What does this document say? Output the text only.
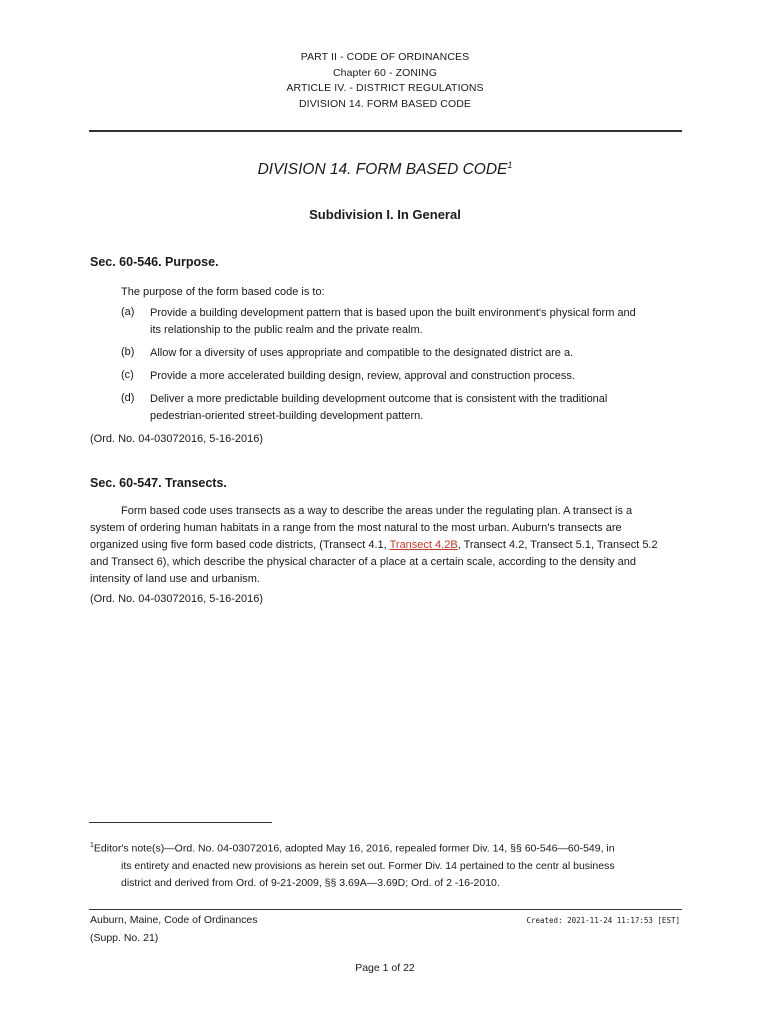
PART II - CODE OF ORDINANCES
Chapter 60 - ZONING
ARTICLE IV. - DISTRICT REGULATIONS
DIVISION 14. FORM BASED CODE
DIVISION 14. FORM BASED CODE$^1$
Subdivision I. In General
Sec. 60-546. Purpose.
The purpose of the form based code is to:
(a) Provide a building development pattern that is based upon the built environment's physical form and
its relationship to the public realm and the private realm.
(b) Allow for a diversity of uses appropriate and compatible to the designated district are a.
(c) Provide a more accelerated building design, review, approval and construction process.
(d) Deliver a more predictable building development outcome that is consistent with the traditional
pedestrian-oriented street-building development pattern.
(Ord. No. 04-03072016, 5-16-2016)
Sec. 60-547. Transects.
Form based code uses transects as a way to describe the areas under the regulating plan. A transect is a
system of ordering human habitats in a range from the most natural to the most urban. Auburn's transects are
organized using five form based code districts, (Transect 4.1, Transect 4.2B, Transect 4.2, Transect 5.1, Transect 5.2
and Transect 6), which describe the physical character of a place at a certain scale, according to the density and
intensity of land use and urbanism.
(Ord. No. 04-03072016, 5-16-2016)
$^1$Editor's note(s)—Ord. No. 04-03072016, adopted May 16, 2016, repealed former Div. 14, §§ 60-546—60-549, in
its entirety and enacted new provisions as herein set out. Former Div. 14 pertained to the centr al business
district and derived from Ord. of 9-21-2009, §§ 3.69A—3.69D; Ord. of 2 -16-2010.
Auburn, Maine, Code of Ordinances	Created: 2021-11-24 11:17:53 [EST]
(Supp. No. 21)
Page 1 of 22
